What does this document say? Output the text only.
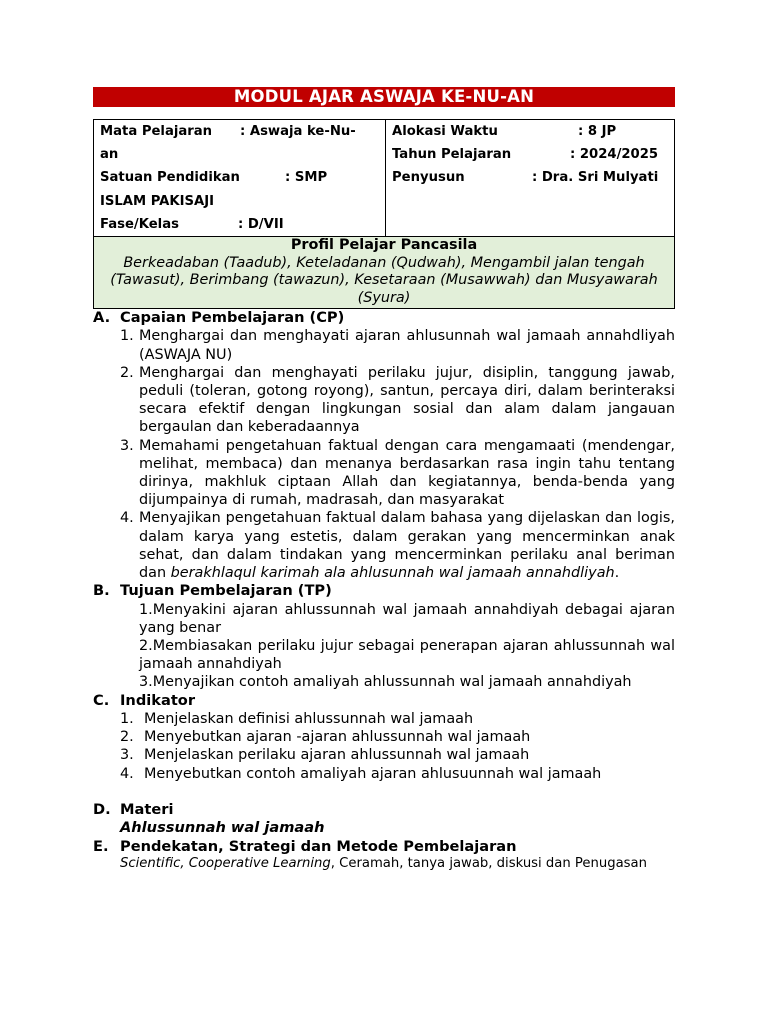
MODUL AJAR ASWAJA KE-NU-AN
Mata Pelajaran	: Aswaja ke-Nu-
an
Satuan Pendidikan	: SMP
ISLAM PAKISAJI
Fase/Kelas	: D/VII
Alokasi Waktu	: 8 JP
Tahun Pelajaran	: 2024/2025
Penyusun	: Dra. Sri Mulyati
Profil Pelajar Pancasila
Berkeadaban (Taadub), Keteladanan (Qudwah), Mengambil jalan tengah (Tawasut), Berimbang (tawazun), Kesetaraan (Musawwah) dan Musyawarah (Syura)
A. Capaian Pembelajaran (CP)
1. Menghargai dan menghayati ajaran ahlusunnah wal jamaah annahdliyah (ASWAJA NU)
2. Menghargai dan menghayati perilaku jujur, disiplin, tanggung jawab, peduli (toleran, gotong royong), santun, percaya diri, dalam berinteraksi secara efektif dengan lingkungan sosial dan alam dalam jangauan bergaulan dan keberadaannya
3. Memahami pengetahuan faktual dengan cara mengamaati (mendengar, melihat, membaca) dan menanya berdasarkan rasa ingin tahu tentang dirinya, makhluk ciptaan Allah dan kegiatannya, benda-benda yang dijumpainya di rumah, madrasah, dan masyarakat
4. Menyajikan pengetahuan faktual dalam bahasa yang dijelaskan dan logis, dalam karya yang estetis, dalam gerakan yang mencerminkan anak sehat, dan dalam tindakan yang mencerminkan perilaku anal beriman dan berakhlaqul karimah ala ahlusunnah wal jamaah annahdliyah.
B. Tujuan Pembelajaran (TP)
1.Menyakini ajaran ahlussunnah wal jamaah annahdiyah debagai ajaran yang benar
2.Membiasakan perilaku jujur sebagai penerapan ajaran ahlussunnah wal jamaah annahdiyah
3.Menyajikan contoh amaliyah ahlussunnah wal jamaah annahdiyah
C. Indikator
1. Menjelaskan definisi ahlussunnah wal jamaah
2. Menyebutkan ajaran -ajaran ahlussunnah wal jamaah
3. Menjelaskan perilaku ajaran ahlussunnah wal jamaah
4. Menyebutkan contoh amaliyah ajaran ahlusuunnah wal jamaah
D. Materi
Ahlussunnah wal jamaah
E. Pendekatan, Strategi dan Metode Pembelajaran
Scientific, Cooperative Learning, Ceramah, tanya jawab, diskusi dan Penugasan
